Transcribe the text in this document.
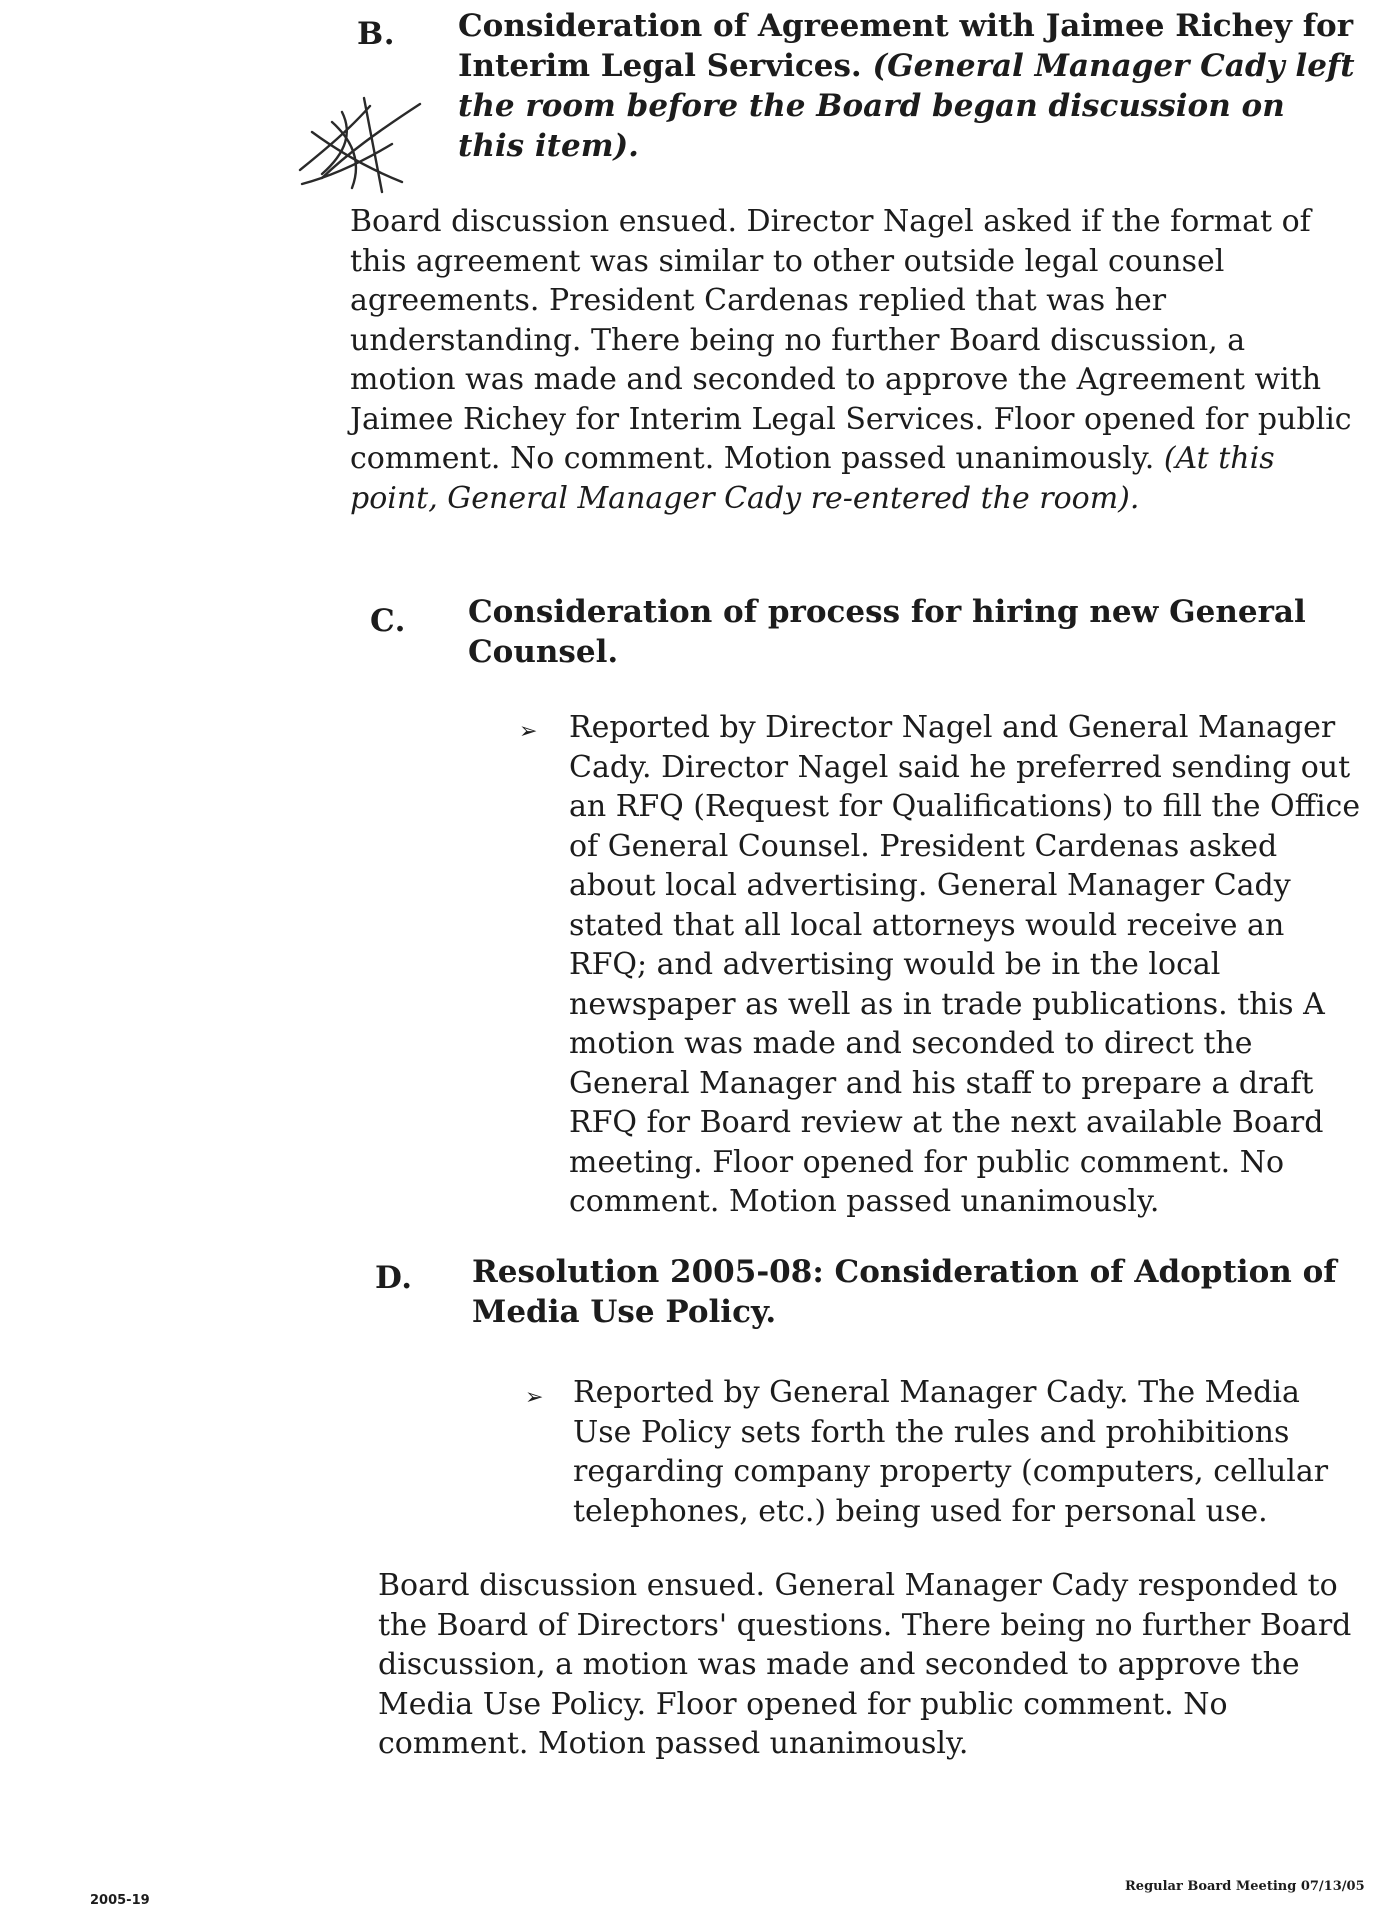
B. Consideration of Agreement with Jaimee Richey for Interim Legal Services. (General Manager Cady left the room before the Board began discussion on this item).
Board discussion ensued. Director Nagel asked if the format of this agreement was similar to other outside legal counsel agreements. President Cardenas replied that was her understanding. There being no further Board discussion, a motion was made and seconded to approve the Agreement with Jaimee Richey for Interim Legal Services. Floor opened for public comment. No comment. Motion passed unanimously. (At this point, General Manager Cady re-entered the room).
C. Consideration of process for hiring new General Counsel.
➢ Reported by Director Nagel and General Manager Cady. Director Nagel said he preferred sending out an RFQ (Request for Qualifications) to fill the Office of General Counsel. President Cardenas asked about local advertising. General Manager Cady stated that all local attorneys would receive an RFQ; and advertising would be in the local newspaper as well as in trade publications. this A motion was made and seconded to direct the General Manager and his staff to prepare a draft RFQ for Board review at the next available Board meeting. Floor opened for public comment. No comment. Motion passed unanimously.
D. Resolution 2005-08: Consideration of Adoption of Media Use Policy.
➢ Reported by General Manager Cady. The Media Use Policy sets forth the rules and prohibitions regarding company property (computers, cellular telephones, etc.) being used for personal use.
Board discussion ensued. General Manager Cady responded to the Board of Directors' questions. There being no further Board discussion, a motion was made and seconded to approve the Media Use Policy. Floor opened for public comment. No comment. Motion passed unanimously.
2005-19
Regular Board Meeting 07/13/05
